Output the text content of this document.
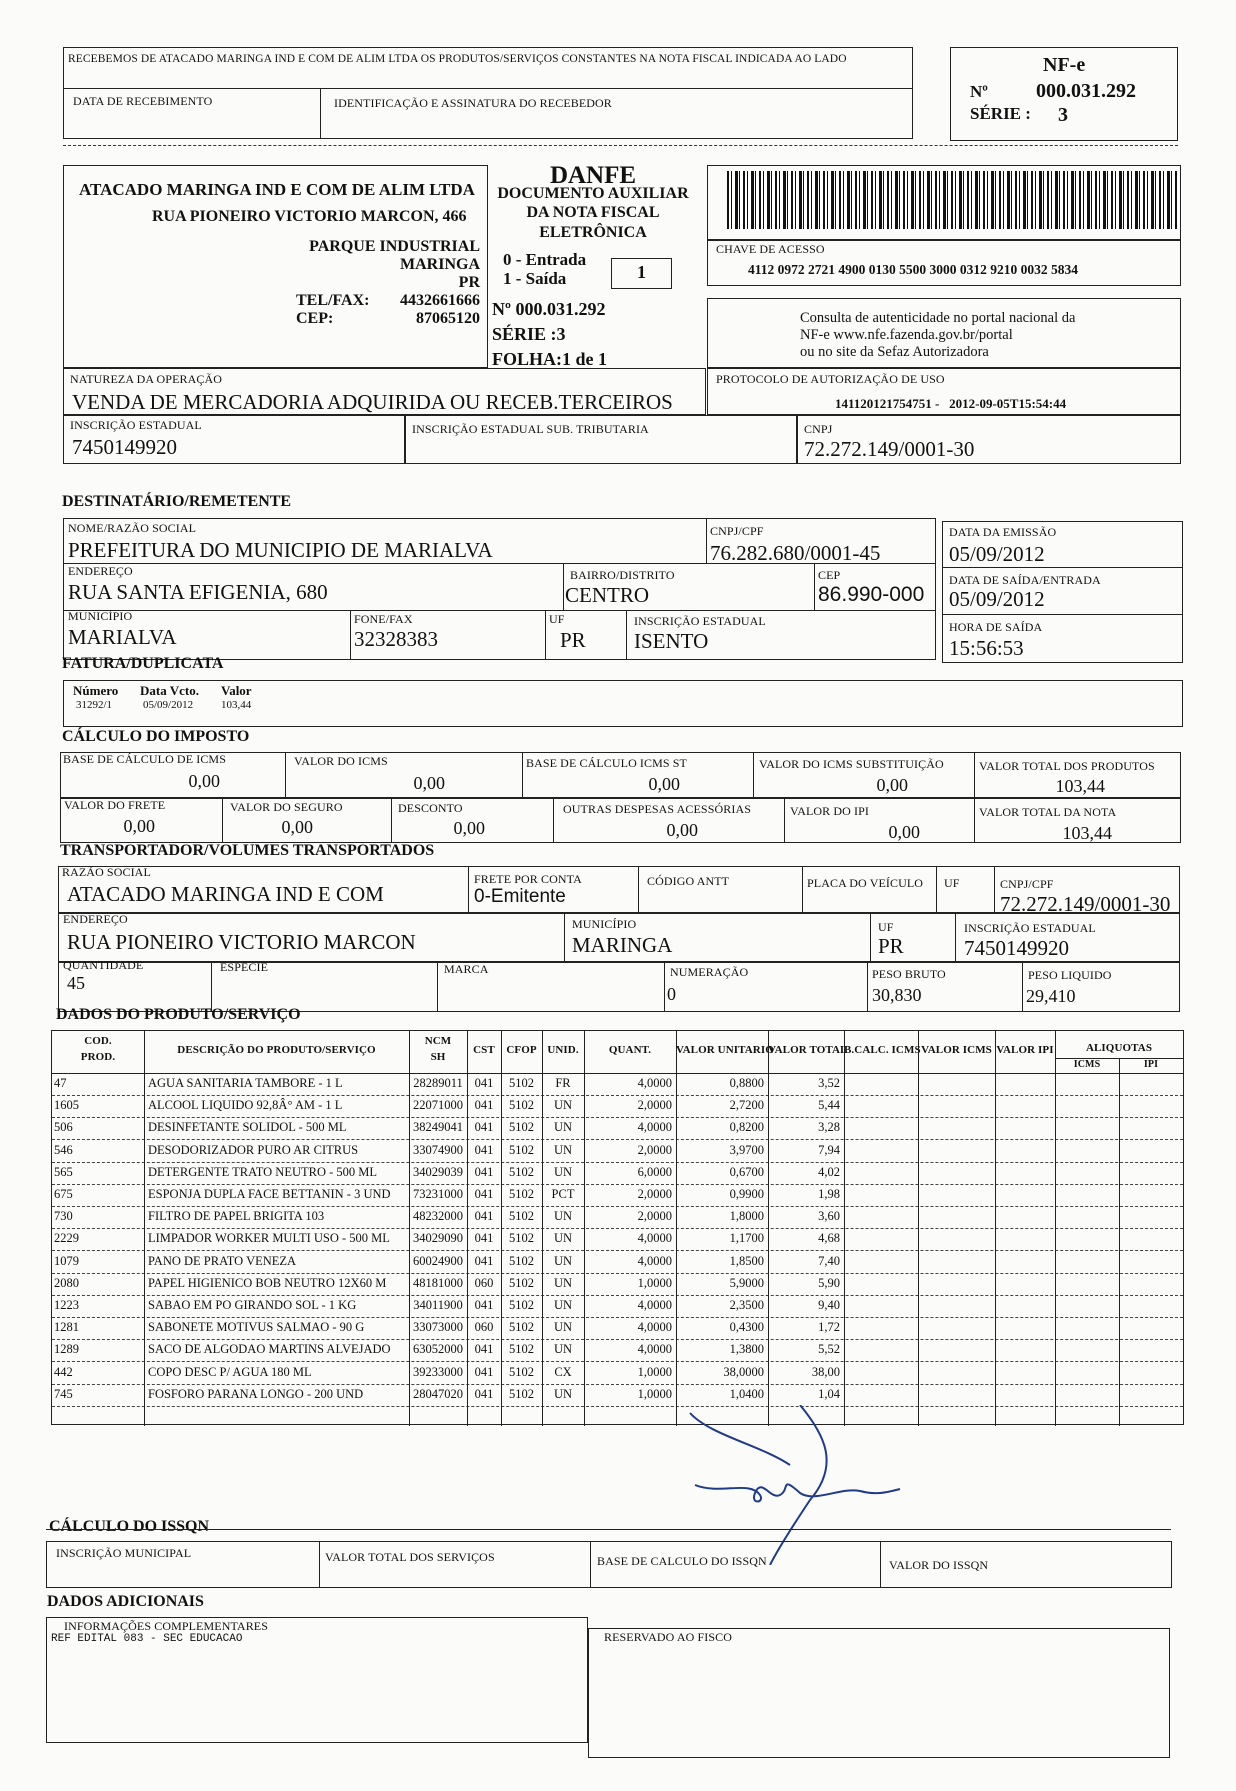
RECEBEMOS DE ATACADO MARINGA IND E COM DE ALIM LTDA OS PRODUTOS/SERVIÇOS CONSTANTES NA NOTA FISCAL INDICADA AO LADO
DATA DE RECEBIMENTO	IDENTIFICAÇÃO E ASSINATURA DO RECEBEDOR
NF-e
Nº 000.031.292
SÉRIE : 3
ATACADO MARINGA IND E COM DE ALIM LTDA
RUA PIONEIRO VICTORIO MARCON, 466
PARQUE INDUSTRIAL
MARINGA
PR
TEL/FAX:	4432661666
CEP:	87065120
DANFE
DOCUMENTO AUXILIAR
DA NOTA FISCAL
ELETRÔNICA
0 - Entrada
1 - Saída	1
Nº 000.031.292
SÉRIE :3
FOLHA:1 de 1
CHAVE DE ACESSO
4112 0972 2721 4900 0130 5500 3000 0312 9210 0032 5834
Consulta de autenticidade no portal nacional da
NF-e www.nfe.fazenda.gov.br/portal
ou no site da Sefaz Autorizadora
NATUREZA DA OPERAÇÃO
VENDA DE MERCADORIA ADQUIRIDA OU RECEB.TERCEIROS
PROTOCOLO DE AUTORIZAÇÃO DE USO
141120121754751 -   2012-09-05T15:54:44
INSCRIÇÃO ESTADUAL
7450149920
INSCRIÇÃO ESTADUAL SUB. TRIBUTARIA	CNPJ
72.272.149/0001-30
DESTINATÁRIO/REMETENTE
NOME/RAZÃO SOCIAL
PREFEITURA DO MUNICIPIO DE MARIALVA
CNPJ/CPF
76.282.680/0001-45
ENDEREÇO
RUA SANTA EFIGENIA, 680
BAIRRO/DISTRITO
CENTRO
CEP
86.990-000
MUNICÍPIO
MARIALVA
FONE/FAX
32328383
UF
PR
INSCRIÇÃO ESTADUAL
ISENTO
DATA DA EMISSÃO
05/09/2012
DATA DE SAÍDA/ENTRADA
05/09/2012
HORA DE SAÍDA
15:56:53
FATURA/DUPLICATA
Número Data Vcto. Valor
31292/1	05/09/2012	103,44
CÁLCULO DO IMPOSTO
BASE DE CÁLCULO DE ICMS
0,00
VALOR DO ICMS
0,00
BASE DE CÁLCULO ICMS ST
0,00
VALOR DO ICMS SUBSTITUIÇÃO
0,00
VALOR TOTAL DOS PRODUTOS
103,44
VALOR DO FRETE
0,00
VALOR DO SEGURO
0,00
DESCONTO
0,00
OUTRAS DESPESAS ACESSÓRIAS
0,00
VALOR DO IPI
0,00
VALOR TOTAL DA NOTA
103,44
TRANSPORTADOR/VOLUMES TRANSPORTADOS
RAZÃO SOCIAL
ATACADO MARINGA IND E COM
FRETE POR CONTA
0-Emitente
CÓDIGO ANTT	PLACA DO VEÍCULO UF	CNPJ/CPF
72.272.149/0001-30
ENDEREÇO
RUA PIONEIRO VICTORIO MARCON
MUNICÍPIO
MARINGA
UF
PR
INSCRIÇÃO ESTADUAL
7450149920
QUANTIDADE
45
ESPÉCIE	MARCA	NUMERAÇÃO
0
PESO BRUTO
30,830
PESO LIQUIDO
29,410
DADOS DO PRODUTO/SERVIÇO
COD.
PROD.
DESCRIÇÃO DO PRODUTO/SERVIÇO
NCM
SH
CST	CFOP UNID.	QUANT.	VALOR UNITARIO
VALOR TOTAL
B.CALC. ICMS VALOR ICMS VALOR IPI	ALIQUOTAS
ICMS	IPI
47	AGUA SANITARIA TAMBORE - 1 L	28289011 041	5102	FR	4,0000	0,8800	3,52
1605	ALCOOL LIQUIDO 92,8Â° AM - 1 L	22071000 041	5102	UN	2,0000	2,7200	5,44
506	DESINFETANTE SOLIDOL - 500 ML	38249041 041	5102	UN	4,0000	0,8200	3,28
546	DESODORIZADOR PURO AR CITRUS	33074900 041	5102	UN	2,0000	3,9700	7,94
565	DETERGENTE TRATO NEUTRO - 500 ML	34029039 041	5102	UN	6,0000	0,6700	4,02
675	ESPONJA DUPLA FACE BETTANIN - 3 UND	73231000 041	5102	PCT	2,0000	0,9900	1,98
730	FILTRO DE PAPEL BRIGITA 103	48232000 041	5102	UN	2,0000	1,8000	3,60
2229	LIMPADOR WORKER MULTI USO - 500 ML	34029090 041	5102	UN	4,0000	1,1700	4,68
1079	PANO DE PRATO VENEZA	60024900 041	5102	UN	4,0000	1,8500	7,40
2080	PAPEL HIGIENICO BOB NEUTRO 12X60 M	48181000 060	5102	UN	1,0000	5,9000	5,90
1223	SABAO EM PO GIRANDO SOL - 1 KG	34011900 041	5102	UN	4,0000	2,3500	9,40
1281	SABONETE MOTIVUS SALMAO - 90 G	33073000 060	5102	UN	4,0000	0,4300	1,72
1289	SACO DE ALGODAO MARTINS ALVEJADO	63052000 041	5102	UN	4,0000	1,3800	5,52
442	COPO DESC P/ AGUA 180 ML	39233000 041	5102	CX	1,0000	38,0000	38,00
745	FOSFORO PARANA LONGO - 200 UND	28047020 041	5102	UN	1,0000	1,0400	1,04
CÁLCULO DO ISSQN
INSCRIÇÃO MUNICIPAL	VALOR TOTAL DOS SERVIÇOS	BASE DE CALCULO DO ISSQN	VALOR DO ISSQN
DADOS ADICIONAIS
INFORMAÇÕES COMPLEMENTARES
REF EDITAL 083 - SEC EDUCACAO	RESERVADO AO FISCO
